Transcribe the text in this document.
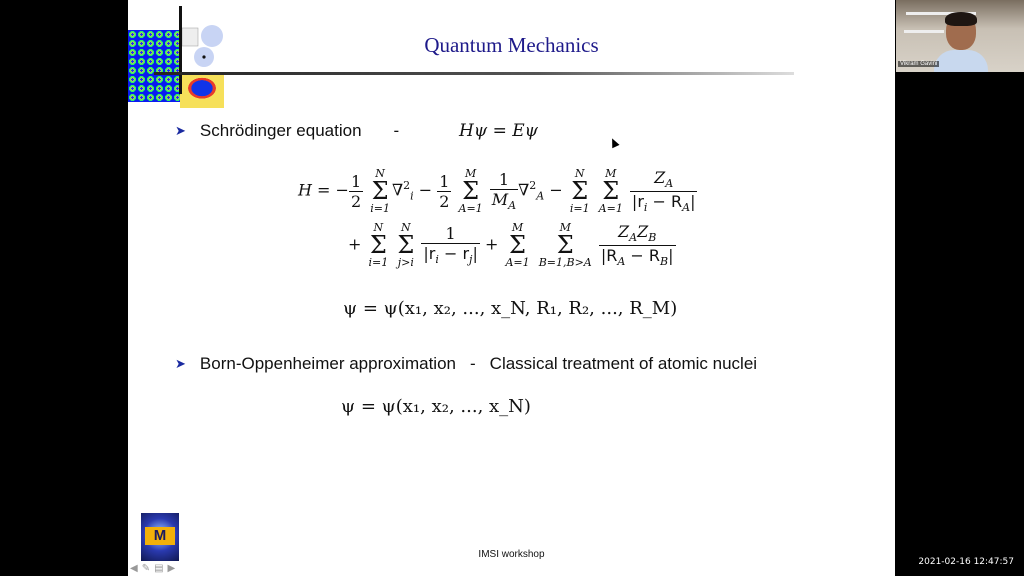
Quantum Mechanics
➤ Schrödinger equation -	Hψ = Eψ
H = − $\frac{1}{2}$
	N
Σ
i=1
$\nabla^2_i - \frac{1}{2}$
	M
Σ
A=1
$\frac{1}{M_A} \nabla^2_A$ −
N
Σ
i=1

M
Σ
A=1
$\frac{Z_A}{|r_i - R_A|}$
+
N
Σ
i=1

N
Σ
j>i
$\frac{1}{|r_i - r_j|}$ +
M
Σ
A=1

M
Σ
B=1,B>A
$\frac{Z_AZ_B}{|R_A - R_B|}$
ψ = ψ(x₁, x₂, ..., x_N, R₁, R₂, ..., R_M)
➤ Born-Oppenheimer approximation - Classical treatment of atomic nuclei
ψ = ψ(x₁, x₂, ..., x_N)
M
◀ ✎ ▤ ▶
IMSI workshop
Vikram Gavini
2021-02-16 12:47:57
